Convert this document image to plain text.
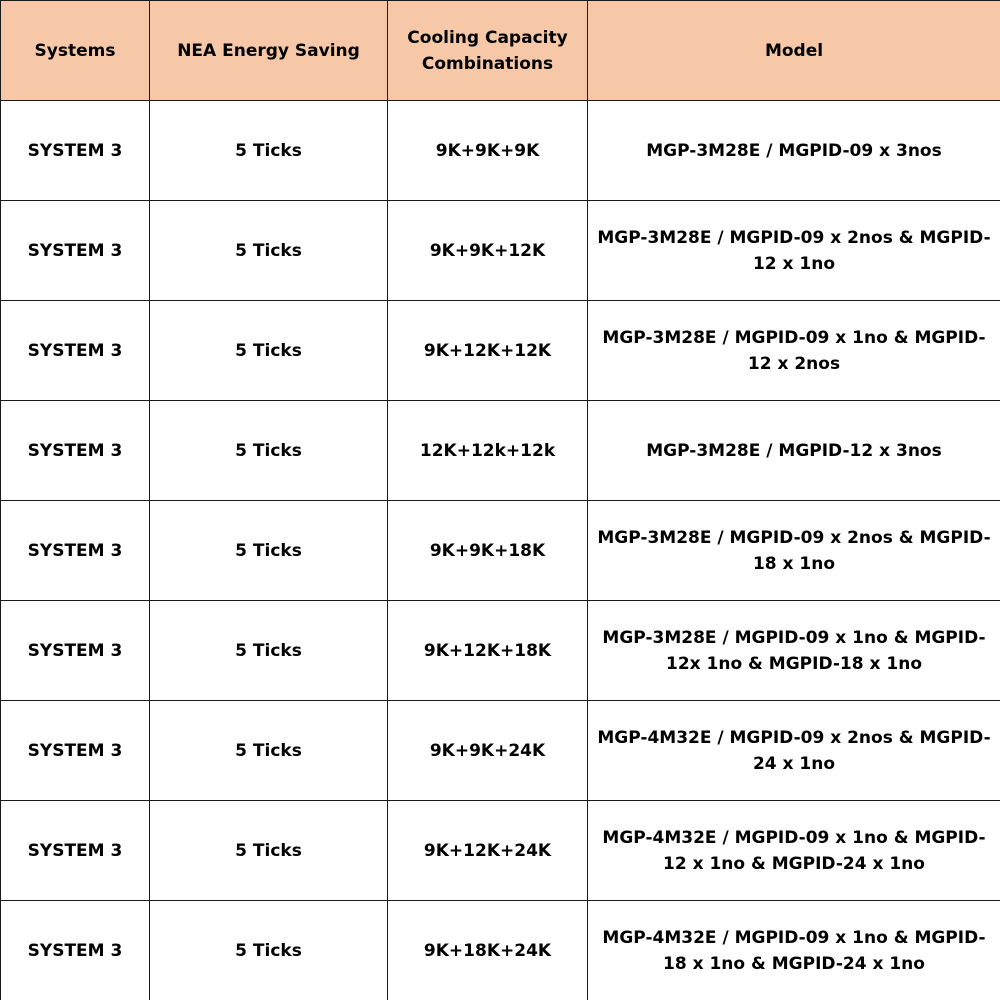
Systems	NEA Energy Saving	Cooling Capacity Combinations	Model
SYSTEM 3	5 Ticks	9K+9K+9K	MGP-3M28E / MGPID-09 x 3nos
SYSTEM 3	5 Ticks	9K+9K+12K	MGP-3M28E / MGPID-09 x 2nos & MGPID-12 x 1no
SYSTEM 3	5 Ticks	9K+12K+12K	MGP-3M28E / MGPID-09 x 1no & MGPID-12 x 2nos
SYSTEM 3	5 Ticks	12K+12k+12k	MGP-3M28E / MGPID-12 x 3nos
SYSTEM 3	5 Ticks	9K+9K+18K	MGP-3M28E / MGPID-09 x 2nos & MGPID-18 x 1no
SYSTEM 3	5 Ticks	9K+12K+18K	MGP-3M28E / MGPID-09 x 1no & MGPID-12x 1no & MGPID-18 x 1no
SYSTEM 3	5 Ticks	9K+9K+24K	MGP-4M32E / MGPID-09 x 2nos & MGPID-24 x 1no
SYSTEM 3	5 Ticks	9K+12K+24K	MGP-4M32E / MGPID-09 x 1no & MGPID-12 x 1no & MGPID-24 x 1no
SYSTEM 3	5 Ticks	9K+18K+24K	MGP-4M32E / MGPID-09 x 1no & MGPID-18 x 1no & MGPID-24 x 1no
